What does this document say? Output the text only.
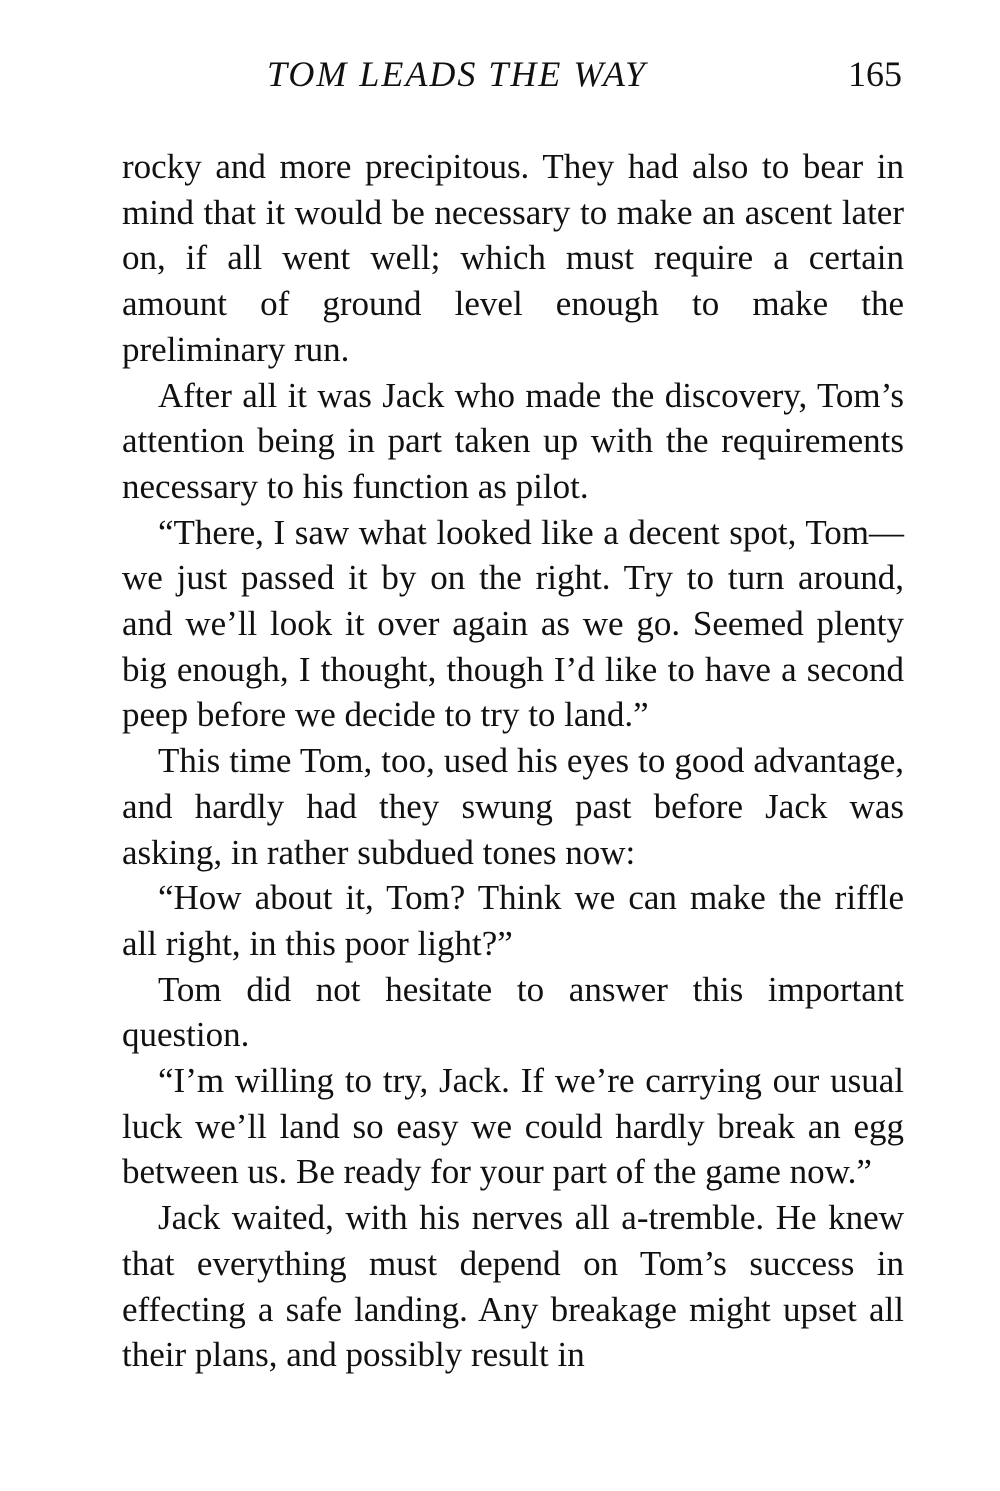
TOM LEADS THE WAY	165

rocky and more precipitous. They had also to bear in mind that it would be necessary to make an ascent later on, if all went well; which must require a certain amount of ground level enough to make the preliminary run.

After all it was Jack who made the discovery, Tom’s attention being in part taken up with the requirements necessary to his function as pilot.

“There, I saw what looked like a decent spot, Tom—we just passed it by on the right. Try to turn around, and we’ll look it over again as we go. Seemed plenty big enough, I thought, though I’d like to have a second peep before we decide to try to land.”

This time Tom, too, used his eyes to good advantage, and hardly had they swung past before Jack was asking, in rather subdued tones now:

“How about it, Tom? Think we can make the riffle all right, in this poor light?”

Tom did not hesitate to answer this important question.

“I’m willing to try, Jack. If we’re carrying our usual luck we’ll land so easy we could hardly break an egg between us. Be ready for your part of the game now.”

Jack waited, with his nerves all a-tremble. He knew that everything must depend on Tom’s success in effecting a safe landing. Any breakage might upset all their plans, and possibly result in
